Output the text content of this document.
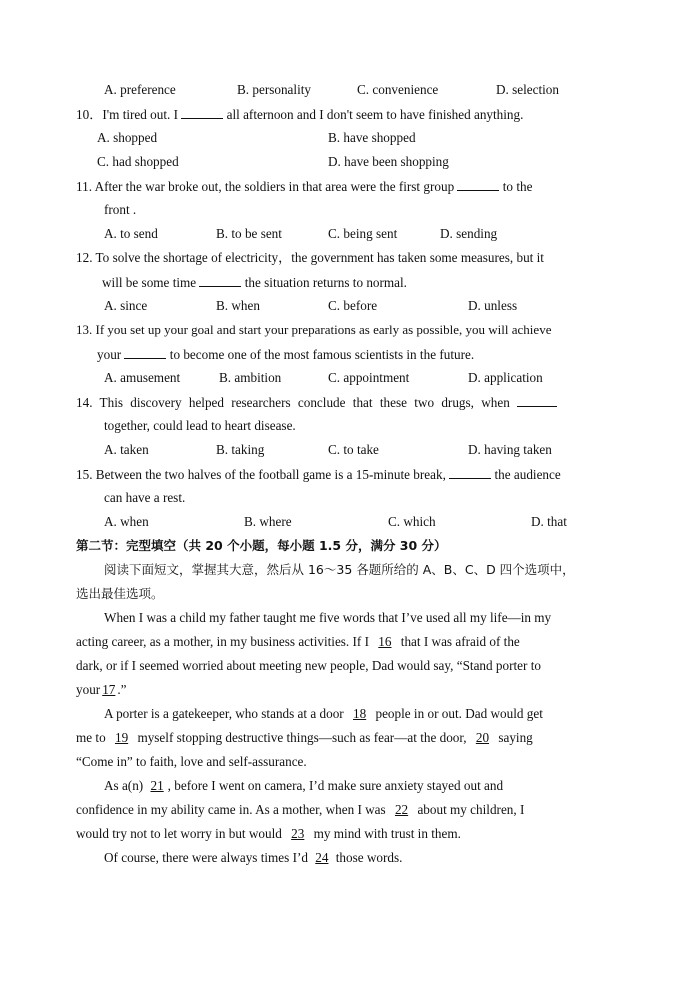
A. preference	B. personality	C. convenience	D. selection
10．I'm tired out. I	all afternoon and I don't seem to have finished anything.
A. shopped	B. have shopped
C. had shopped	D. have been shopping
11. After the war broke out, the soldiers in that area were the first group	to the
front .
A. to send	B. to be sent	C. being sent	D. sending
12. To solve the shortage of electricity，the government has taken some measures, but it
will be some time	the situation returns to normal.
A. since	B. when	C. before	D. unless
13. If you set up your goal and start your preparations as early as possible, you will achieve
your	to become one of the most famous scientists in the future.
A. amusement	B. ambition	C. appointment	D. application
14. This discovery helped researchers conclude that these two drugs, when
together, could lead to heart disease.
A. taken	B. taking	C. to take	D. having taken
15. Between the two halves of the football game is a 15-minute break,	the audience
can have a rest.
A. when	B. where	C. which	D. that
第二节：完型填空（共 20 个小题，每小题 1.5 分，满分 30 分）
阅读下面短文，掌握其大意，然后从 16～35 各题所给的 A、B、C、D 四个选项中，
选出最佳选项。
When I was a child my father taught me five words that I’ve used all my life—in my
acting career, as a mother, in my business activities. If I 16 that I was afraid of the
dark, or if I seemed worried about meeting new people, Dad would say, “Stand porter to
your 17 .”
A porter is a gatekeeper, who stands at a door 18 people in or out. Dad would get
me to 19 myself stopping destructive things—such as fear—at the door, 20 saying
“Come in” to faith, love and self-assurance.
As a(n) 21 , before I went on camera, I’d make sure anxiety stayed out and
confidence in my ability came in. As a mother, when I was 22 about my children, I
would try not to let worry in but would 23 my mind with trust in them.
Of course, there were always times I’d 24 those words.
